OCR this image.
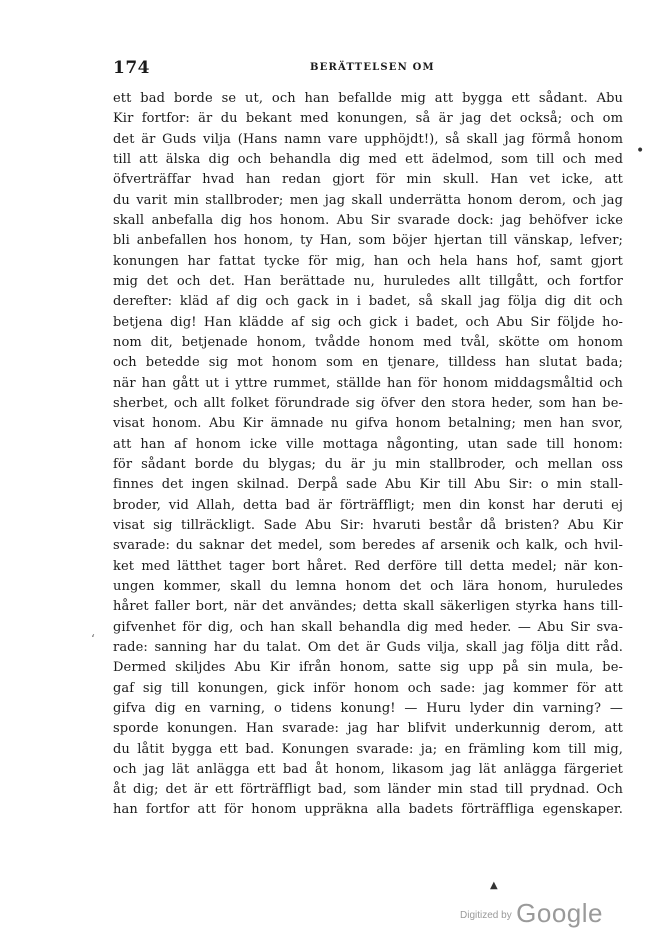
174	BERÄTTELSEN OM
•
‘
ett bad borde se ut, och han befallde mig att bygga ett sådant. Abu
Kir fortfor: är du bekant med konungen, så är jag det också; och om
det är Guds vilja (Hans namn vare upphöjdt!), så skall jag förmå honom
till att älska dig och behandla dig med ett ädelmod, som till och med
öfverträffar hvad han redan gjort för min skull. Han vet icke, att
du varit min stallbroder; men jag skall underrätta honom derom, och jag
skall anbefalla dig hos honom. Abu Sir svarade dock: jag behöfver icke
bli anbefallen hos honom, ty Han, som böjer hjertan till vänskap, lefver;
konungen har fattat tycke för mig, han och hela hans hof, samt gjort
mig det och det. Han berättade nu, huruledes allt tillgått, och fortfor
derefter: kläd af dig och gack in i badet, så skall jag följa dig dit och
betjena dig! Han klädde af sig och gick i badet, och Abu Sir följde ho-
nom dit, betjenade honom, tvådde honom med tvål, skötte om honom
och betedde sig mot honom som en tjenare, tilldess han slutat bada;
när han gått ut i yttre rummet, ställde han för honom middagsmåltid och
sherbet, och allt folket förundrade sig öfver den stora heder, som han be-
visat honom. Abu Kir ämnade nu gifva honom betalning; men han svor,
att han af honom icke ville mottaga någonting, utan sade till honom:
för sådant borde du blygas; du är ju min stallbroder, och mellan oss
finnes det ingen skilnad. Derpå sade Abu Kir till Abu Sir: o min stall-
broder, vid Allah, detta bad är förträffligt; men din konst har deruti ej
visat sig tillräckligt. Sade Abu Sir: hvaruti består då bristen? Abu Kir
svarade: du saknar det medel, som beredes af arsenik och kalk, och hvil-
ket med lätthet tager bort håret. Red derföre till detta medel; när kon-
ungen kommer, skall du lemna honom det och lära honom, huruledes
håret faller bort, när det användes; detta skall säkerligen styrka hans till-
gifvenhet för dig, och han skall behandla dig med heder. — Abu Sir sva-
rade: sanning har du talat. Om det är Guds vilja, skall jag följa ditt råd.
Dermed skiljdes Abu Kir ifrån honom, satte sig upp på sin mula, be-
gaf sig till konungen, gick inför honom och sade: jag kommer för att
gifva dig en varning, o tidens konung! — Huru lyder din varning? —
sporde konungen. Han svarade: jag har blifvit underkunnig derom, att
du låtit bygga ett bad. Konungen svarade: ja; en främling kom till mig,
och jag lät anlägga ett bad åt honom, likasom jag lät anlägga färgeriet
åt dig; det är ett förträffligt bad, som länder min stad till prydnad. Och
han fortfor att för honom uppräkna alla badets förträffliga egenskaper.
▲
$^{Digitized by}$ Google
